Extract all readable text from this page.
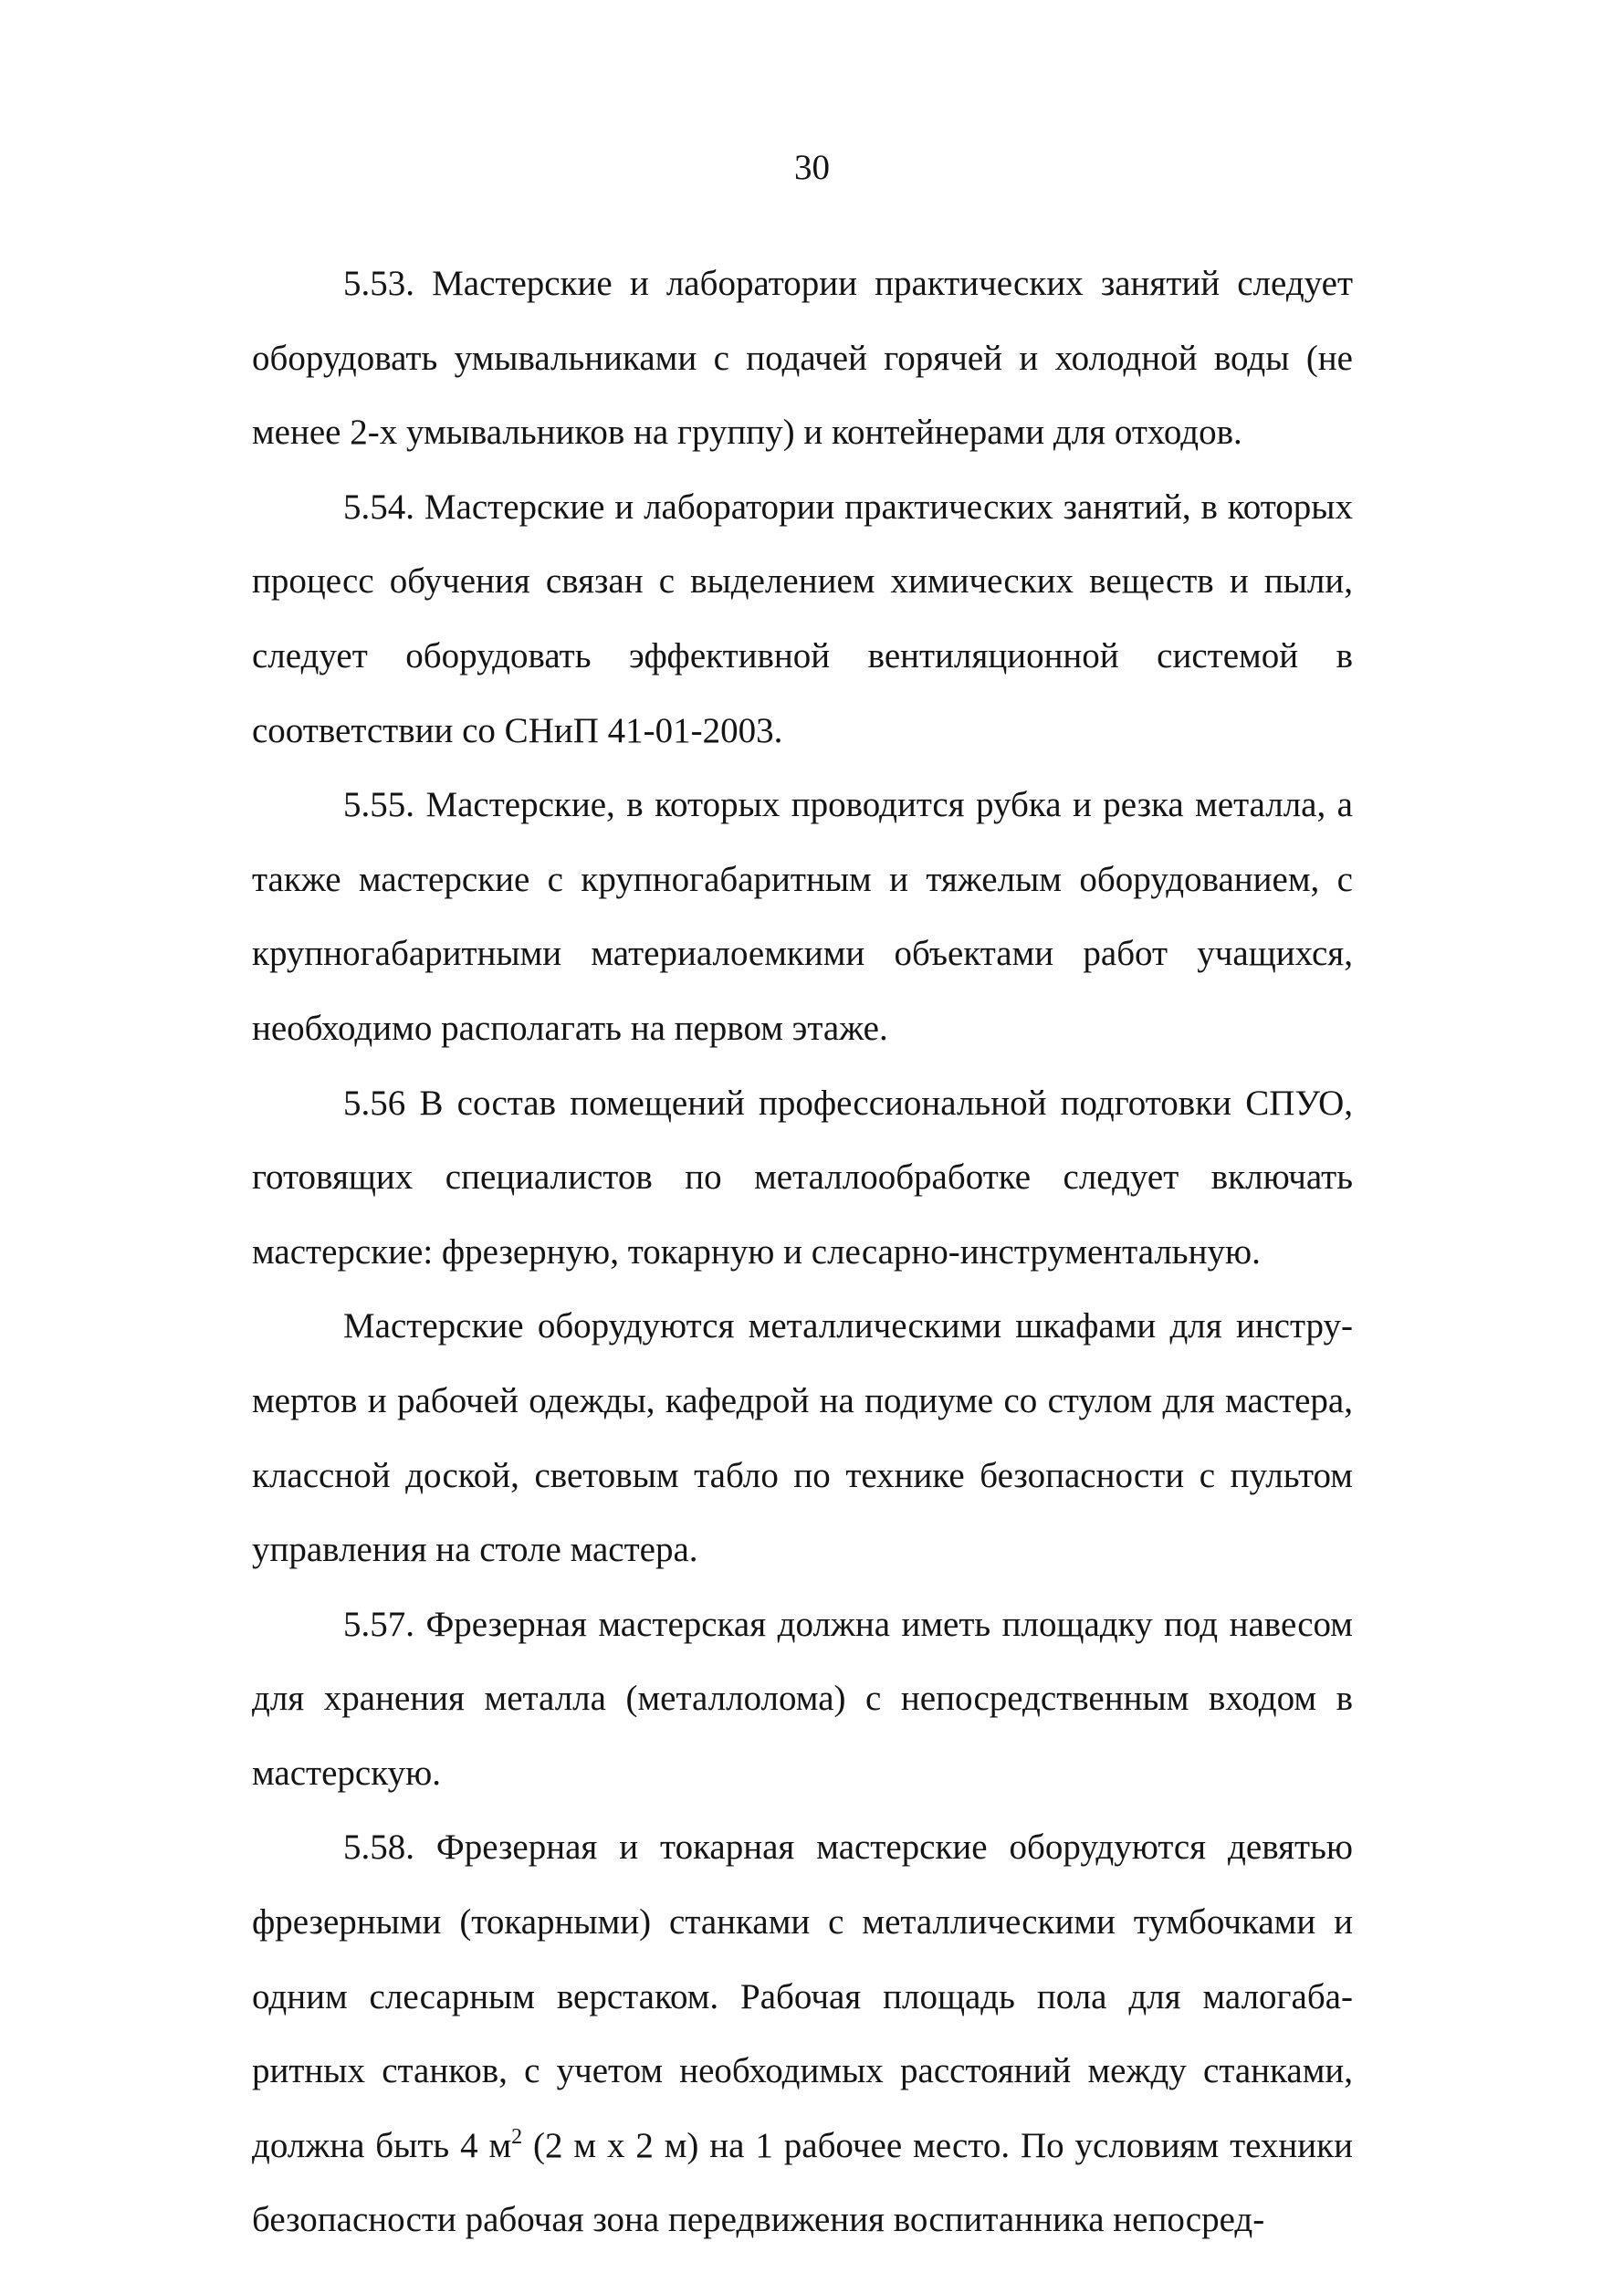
30

5.53. Мастерские и лаборатории практических занятий следует оборудовать умывальниками с подачей горячей и холодной воды (не менее 2-х умывальников на группу) и контейнерами для отходов.

5.54. Мастерские и лаборатории практических занятий, в которых процесс обучения связан с выделением химических веществ и пыли, следует оборудовать эффективной вентиляционной системой в соответствии со СНиП 41-01-2003.

5.55. Мастерские, в которых проводится рубка и резка металла, а также мастерские с крупногабаритным и тяжелым оборудованием, с крупногабаритными материалоемкими объектами работ учащихся, необходимо располагать на первом этаже.

5.56 В состав помещений профессиональной подготовки СПУО, готовящих специалистов по металлообработке следует включать мастерские: фрезерную, токарную и слесарно-инструментальную.

Мастерские оборудуются металлическими шкафами для инструмертов и рабочей одежды, кафедрой на подиуме со стулом для мастера, классной доской, световым табло по технике безопасности с пультом управления на столе мастера.

5.57. Фрезерная мастерская должна иметь площадку под навесом для хранения металла (металлолома) с непосредственным входом в мастерскую.

5.58. Фрезерная и токарная мастерские оборудуются девятью фрезерными (токарными) станками с металлическими тумбочками и одним слесарным верстаком. Рабочая площадь пола для малогабаритных станков, с учетом необходимых расстояний между станками, должна быть 4 $м^2$ (2 м х 2 м) на 1 рабочее место. По условиям техники безопасности рабочая зона передвижения воспитанника непосред-
